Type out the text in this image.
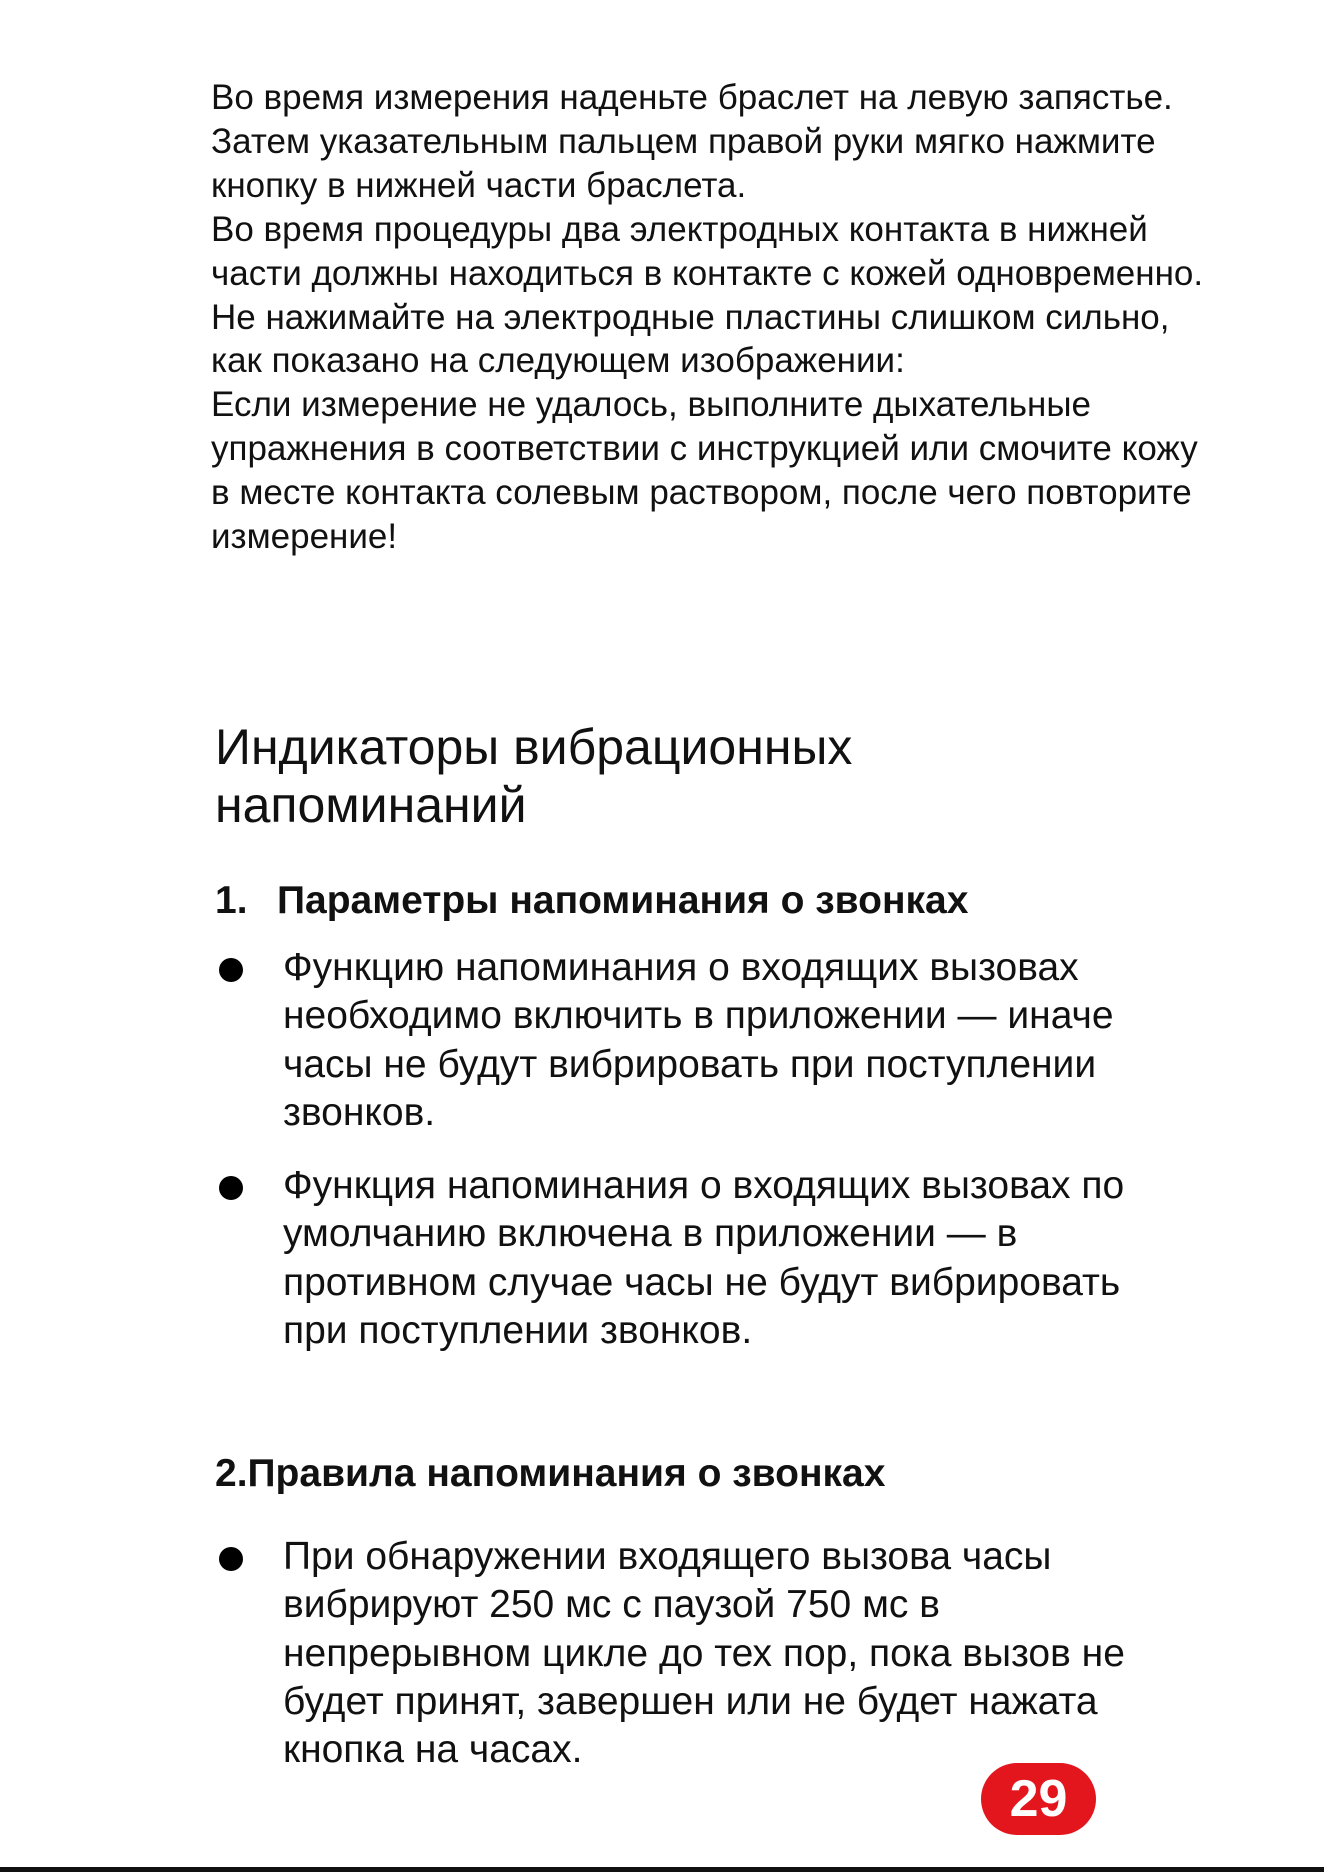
Во время измерения наденьте браслет на левую запястье. Затем указательным пальцем правой руки мягко нажмите кнопку в нижней части браслета.

Во время процедуры два электродных контакта в нижней части должны находиться в контакте с кожей одновременно. Не нажимайте на электродные пластины слишком сильно, как показано на следующем изображении:

Если измерение не удалось, выполните дыхательные упражнения в соответствии с инструкцией или смочите кожу в месте контакта солевым раствором, после чего повторите измерение!

Индикаторы вибрационных напоминаний
1. Параметры напоминания о звонках
Функцию напоминания о входящих вызовах необходимо включить в приложении — иначе часы не будут вибрировать при поступлении звонков.
Функция напоминания о входящих вызовах по умолчанию включена в приложении — в противном случае часы не будут вибрировать при поступлении звонков.
2.Правила напоминания о звонках
При обнаружении входящего вызова часы вибрируют 250 мс с паузой 750 мс в непрерывном цикле до тех пор, пока вызов не будет принят, завершен или не будет нажата кнопка на часах.
29
